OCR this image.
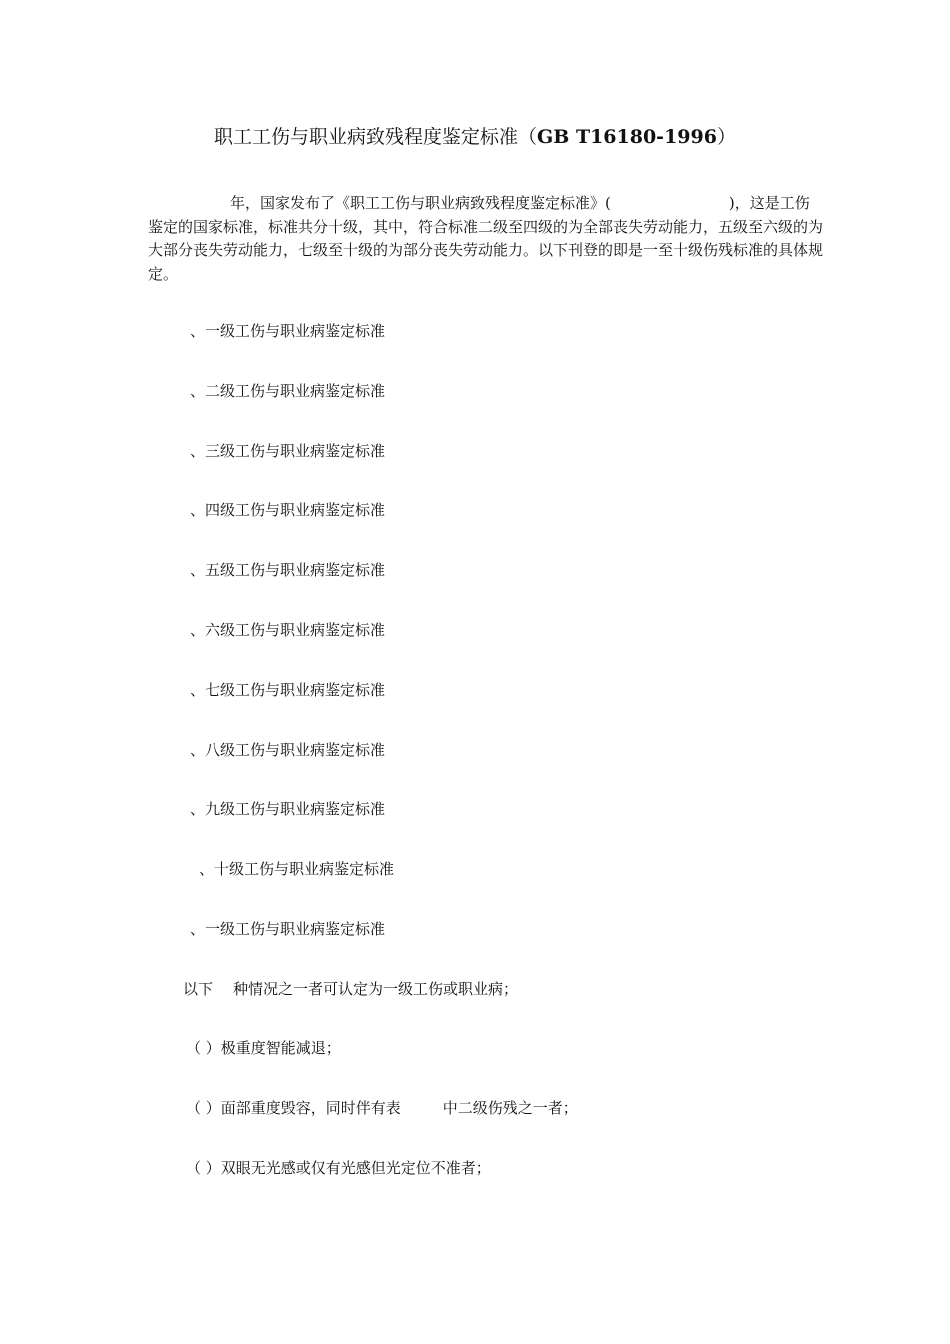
职工工伤与职业病致残程度鉴定标准（GB T16180-1996）

年，国家发布了《职工工伤与职业病致残程度鉴定标准》(	)，这是工伤鉴定的国家标准，标准共分十级，其中，符合标准二级至四级的为全部丧失劳动能力，五级至六级的为大部分丧失劳动能力，七级至十级的为部分丧失劳动能力。以下刊登的即是一至十级伤残标准的具体规定。

、一级工伤与职业病鉴定标准
、二级工伤与职业病鉴定标准
、三级工伤与职业病鉴定标准
、四级工伤与职业病鉴定标准
、五级工伤与职业病鉴定标准
、六级工伤与职业病鉴定标准
、七级工伤与职业病鉴定标准
、八级工伤与职业病鉴定标准
、九级工伤与职业病鉴定标准
、十级工伤与职业病鉴定标准
、一级工伤与职业病鉴定标准
以下 种情况之一者可认定为一级工伤或职业病；
（ ）极重度智能减退；
（ ）面部重度毁容，同时伴有表	中二级伤残之一者；
（ ）双眼无光感或仅有光感但光定位不准者；
